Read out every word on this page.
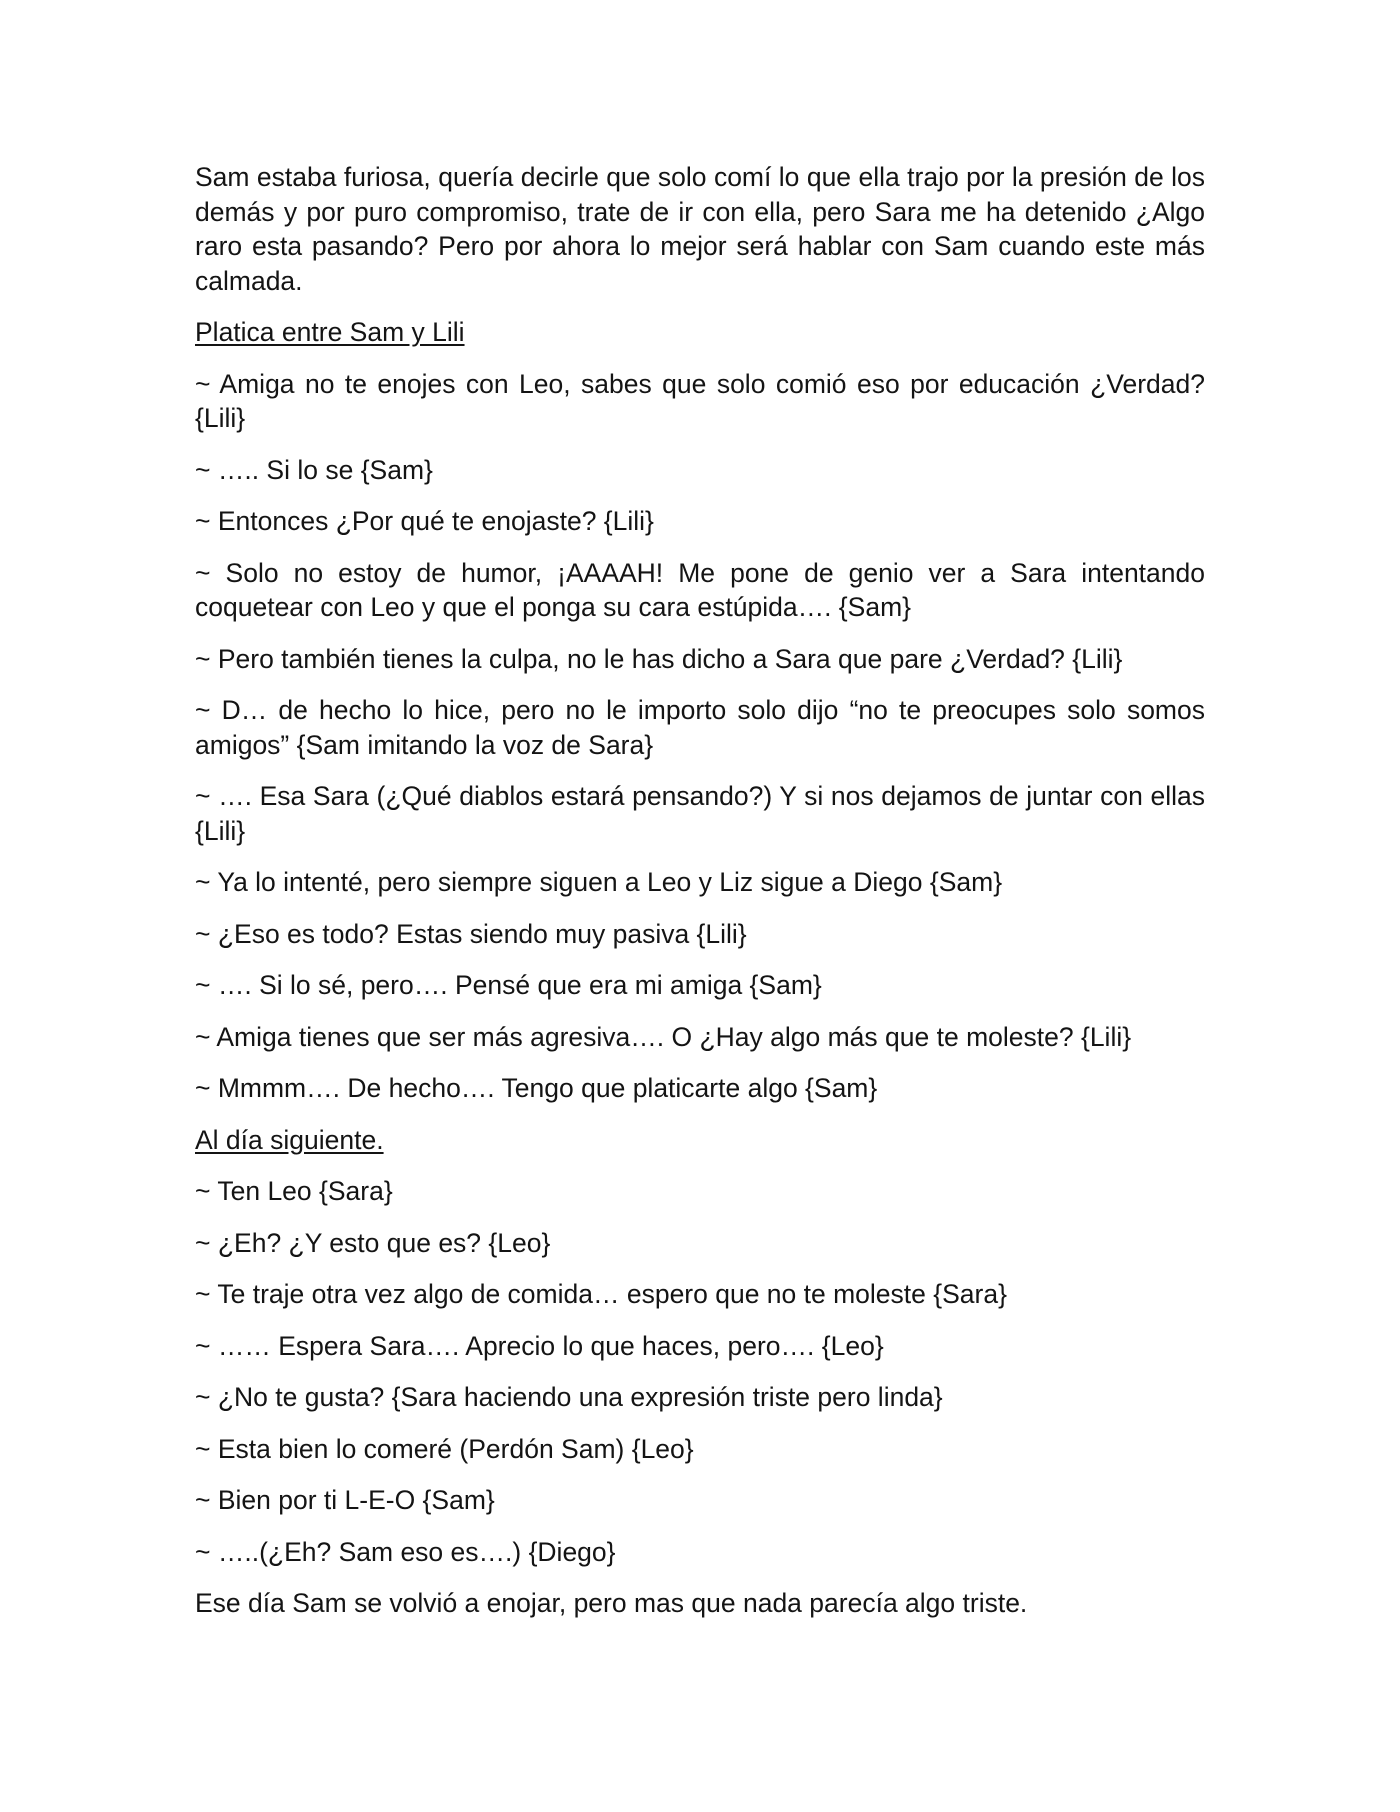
Sam estaba furiosa, quería decirle que solo comí lo que ella trajo por la presión de los demás y por puro compromiso, trate de ir con ella, pero Sara me ha detenido ¿Algo raro esta pasando? Pero por ahora lo mejor será hablar con Sam cuando este más calmada.

Platica entre Sam y Lili

~ Amiga no te enojes con Leo, sabes que solo comió eso por educación ¿Verdad? {Lili}

~ ….. Si lo se {Sam}

~ Entonces ¿Por qué te enojaste? {Lili}

~ Solo no estoy de humor, ¡AAAAH! Me pone de genio ver a Sara intentando coquetear con Leo y que el ponga su cara estúpida…. {Sam}

~ Pero también tienes la culpa, no le has dicho a Sara que pare ¿Verdad? {Lili}

~ D… de hecho lo hice, pero no le importo solo dijo “no te preocupes solo somos amigos” {Sam imitando la voz de Sara}

~ …. Esa Sara (¿Qué diablos estará pensando?) Y si nos dejamos de juntar con ellas {Lili}

~ Ya lo intenté, pero siempre siguen a Leo y Liz sigue a Diego {Sam}

~ ¿Eso es todo? Estas siendo muy pasiva {Lili}

~ …. Si lo sé, pero…. Pensé que era mi amiga {Sam}

~ Amiga tienes que ser más agresiva…. O ¿Hay algo más que te moleste? {Lili}

~ Mmmm…. De hecho…. Tengo que platicarte algo {Sam}

Al día siguiente.

~ Ten Leo {Sara}

~ ¿Eh? ¿Y esto que es? {Leo}

~ Te traje otra vez algo de comida… espero que no te moleste {Sara}

~ …… Espera Sara…. Aprecio lo que haces, pero…. {Leo}

~ ¿No te gusta? {Sara haciendo una expresión triste pero linda}

~ Esta bien lo comeré (Perdón Sam) {Leo}

~ Bien por ti L-E-O {Sam}

~ …..(¿Eh? Sam eso es….) {Diego}

Ese día Sam se volvió a enojar, pero mas que nada parecía algo triste.
